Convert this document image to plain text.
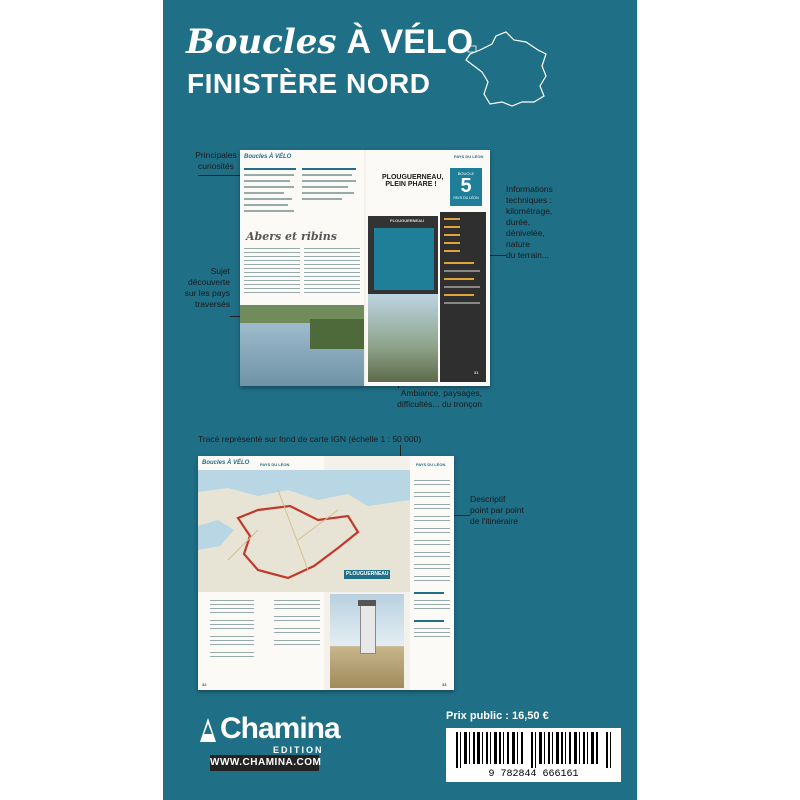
Boucles À VÉLO
FINISTÈRE NORD
Principales
curiosités
Sujet
découverte
sur les pays
traversés
Informations
techniques :
kilométrage,
durée,
dénivelée,
nature
du terrain...
Ambiance, paysages,
difficultés... du tronçon
Tracé représenté sur fond de carte IGN (échelle 1 : 50 000)
Descriptif
point par point
de l'itinéraire
Boucles À VÉLO
Abers et ribins
PAYS DU LÉON
PLOUGUERNEAU,
PLEIN PHARE !
BOUCLE
5
PAYS DU LÉON
PLOUGUERNEAU
31
Boucles À VÉLO	PAYS DU LÉON
32
PLOUGUERNEAU
PAYS DU LÉON
33
Chamina
EDITION
WWW.CHAMINA.COM
Prix public : 16,50 €
9 782844 666161
